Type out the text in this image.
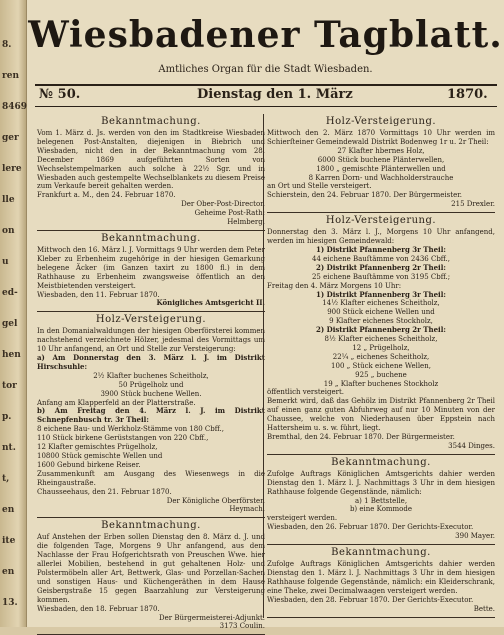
8.
ren
8469
ger
lere
lle
on
u
ed-
gel
hen
tor
p.
nt.
t,
en
ite
en
13.
Wiesbadener Tagblatt.
Amtliches Organ für die Stadt Wiesbaden.
№ 50.	Dienstag den 1. März	1870.
Bekanntmachung.

Vom 1. März d. Js. werden von den im Stadtkreise Wiesbaden belegenen Post-Anstalten, diejenigen in Biebrich und Wiesbaden, nicht den in der Bekanntmachung vom 28. December 1869 aufgeführten Sorten von Wechselstempelmarken auch solche à 22½ Sgr. und in Wiesbaden auch gestempelte Wechselblankets zu diesem Preise zum Verkaufe bereit gehalten werden.

Frankfurt a. M., den 24. Februar 1870.

Der Ober-Post-Director.

Geheime Post-Rath:

Helmberg.

Bekanntmachung.

Mittwoch den 16. März l. J. Vormittags 9 Uhr werden dem Peter Kleber zu Erbenheim zugehörige in der hiesigen Gemarkung belegene Äcker (im Ganzen taxirt zu 1800 fl.) in dem Rathhause zu Erbenheim zwangsweise öffentlich an den Meistbietenden versteigert.

Wiesbaden, den 11. Februar 1870.

Königliches Amtsgericht II.

Holz-Versteigerung.

In den Domanialwaldungen der hiesigen Oberförsterei kommen nachstehend verzeichnete Hölzer, jedesmal des Vormittags um 10 Uhr anfangend, an Ort und Stelle zur Versteigerung:

a) Am Donnerstag den 3. März l. J. im Distrikt Hirschsuhle:

2½ Klafter buchenes Scheitholz,

50 Prügelholz und

3900 Stück buchene Wellen.

Anfang am Klapperfeld an der Platterstraße.

b) Am Freitag den 4. März l. J. im Distrikt Schnepfenbusch tr. 3r Theil:

8 eichene Bau- und Werkholz-Stämme von 180 Cbff.,

110 Stück birkene Gerüststangen von 220 Cbff.,

12 Klafter gemischtes Prügelholz,

10800 Stück gemischte Wellen und

1600 Gebund birkene Reiser.

Zusammenkunft am Ausgang des Wiesenwegs in die Rheingaustraße.

Chausseehaus, den 21. Februar 1870.

Der Königliche Oberförster.

Heymach.

Bekanntmachung.

Auf Anstehen der Erben sollen Dienstag den 8. März d. J. und die folgenden Tage, Morgens 9 Uhr anfangend, aus dem Nachlasse der Frau Hofgerichtsrath von Preuschen Wwe. hier allerlei Mobilien, bestehend in gut gehaltenen Holz- und Polstermöbeln aller Art, Bettwerk, Glas- und Porzellan-Sachen und sonstigen Haus- und Küchengeräthen in dem Hause Geisbergstraße 15 gegen Baarzahlung zur Versteigerung kommen.

Wiesbaden, den 18. Februar 1870.

Der Bürgermeisterei-Adjunkt.

3173 Coulin.

Holz-Versteigerung.

Mittwoch den 2. März 1870 Vormittags 10 Uhr werden im Schierſteiner Gemeindewald Distrikt Bodenweg 1r u. 2r Theil:

27 Klafter hbernes Holz,

6000 Stück buchene Plänterwellen,

1800 „ gemischte Plänterwellen und

8 Karren Dorn- und Wachholderstrauche

an Ort und Stelle versteigert.

Schierstein, den 24. Februar 1870. Der Bürgermeister.

215 Drexler.

Holz-Versteigerung.

Donnerstag den 3. März l. J., Morgens 10 Uhr anfangend, werden im hiesigen Gemeindewald:

1) Distrikt Pfannenberg 3r Theil:

44 eichene Bauſtämme von 2436 Cbff.,

2) Distrikt Pfannenberg 2r Theil:

25 eichene Bauſtämme von 3195 Cbff.;

Freitag den 4. März Morgens 10 Uhr:

1) Distrikt Pfannenberg 3r Theil:

14½ Klafter eichenes Scheitholz,

900 Stück eichene Wellen und

9 Klafter eichenes Stockholz,

2) Distrikt Pfannenberg 2r Theil:

8½ Klafter eichenes Scheitholz,

12 „ Prügelholz,

22¼ „ eichenes Scheitholz,

100 „ Stück eichene Wellen,

925 „ buchene

19 „ Klafter buchenes Stockholz

öffentlich versteigert.

Bemerkt wird, daß das Gehölz im Distrikt Pfannenberg 2r Theil auf einen ganz guten Abfuhrweg auf nur 10 Minuten von der Chaussee, welche von Niederhausen über Eppstein nach Hattersheim u. s. w. führt, liegt.

Bremthal, den 24. Februar 1870. Der Bürgermeister.

3544 Dinges.

Bekanntmachung.

Zufolge Auftrags Königlichen Amtsgerichts dahier werden Dienstag den 1. März l. J. Nachmittags 3 Uhr in dem hiesigen Rathhause folgende Gegenstände, nämlich:

a) 1 Bettstelle,

b) eine Kommode

versteigert werden.

Wiesbaden, den 26. Februar 1870. Der Gerichts-Executor.

390 Mayer.

Bekanntmachung.

Zufolge Auftrags Königlichen Amtsgerichts dahier werden Dienstag den 1. März l. J. Nachmittags 3 Uhr in dem hiesigen Rathhause folgende Gegenstände, nämlich: ein Kleiderschrank, eine Theke, zwei Decimalwaagen versteigert werden.

Wiesbaden, den 28. Februar 1870. Der Gerichts-Executor.

Bette.
